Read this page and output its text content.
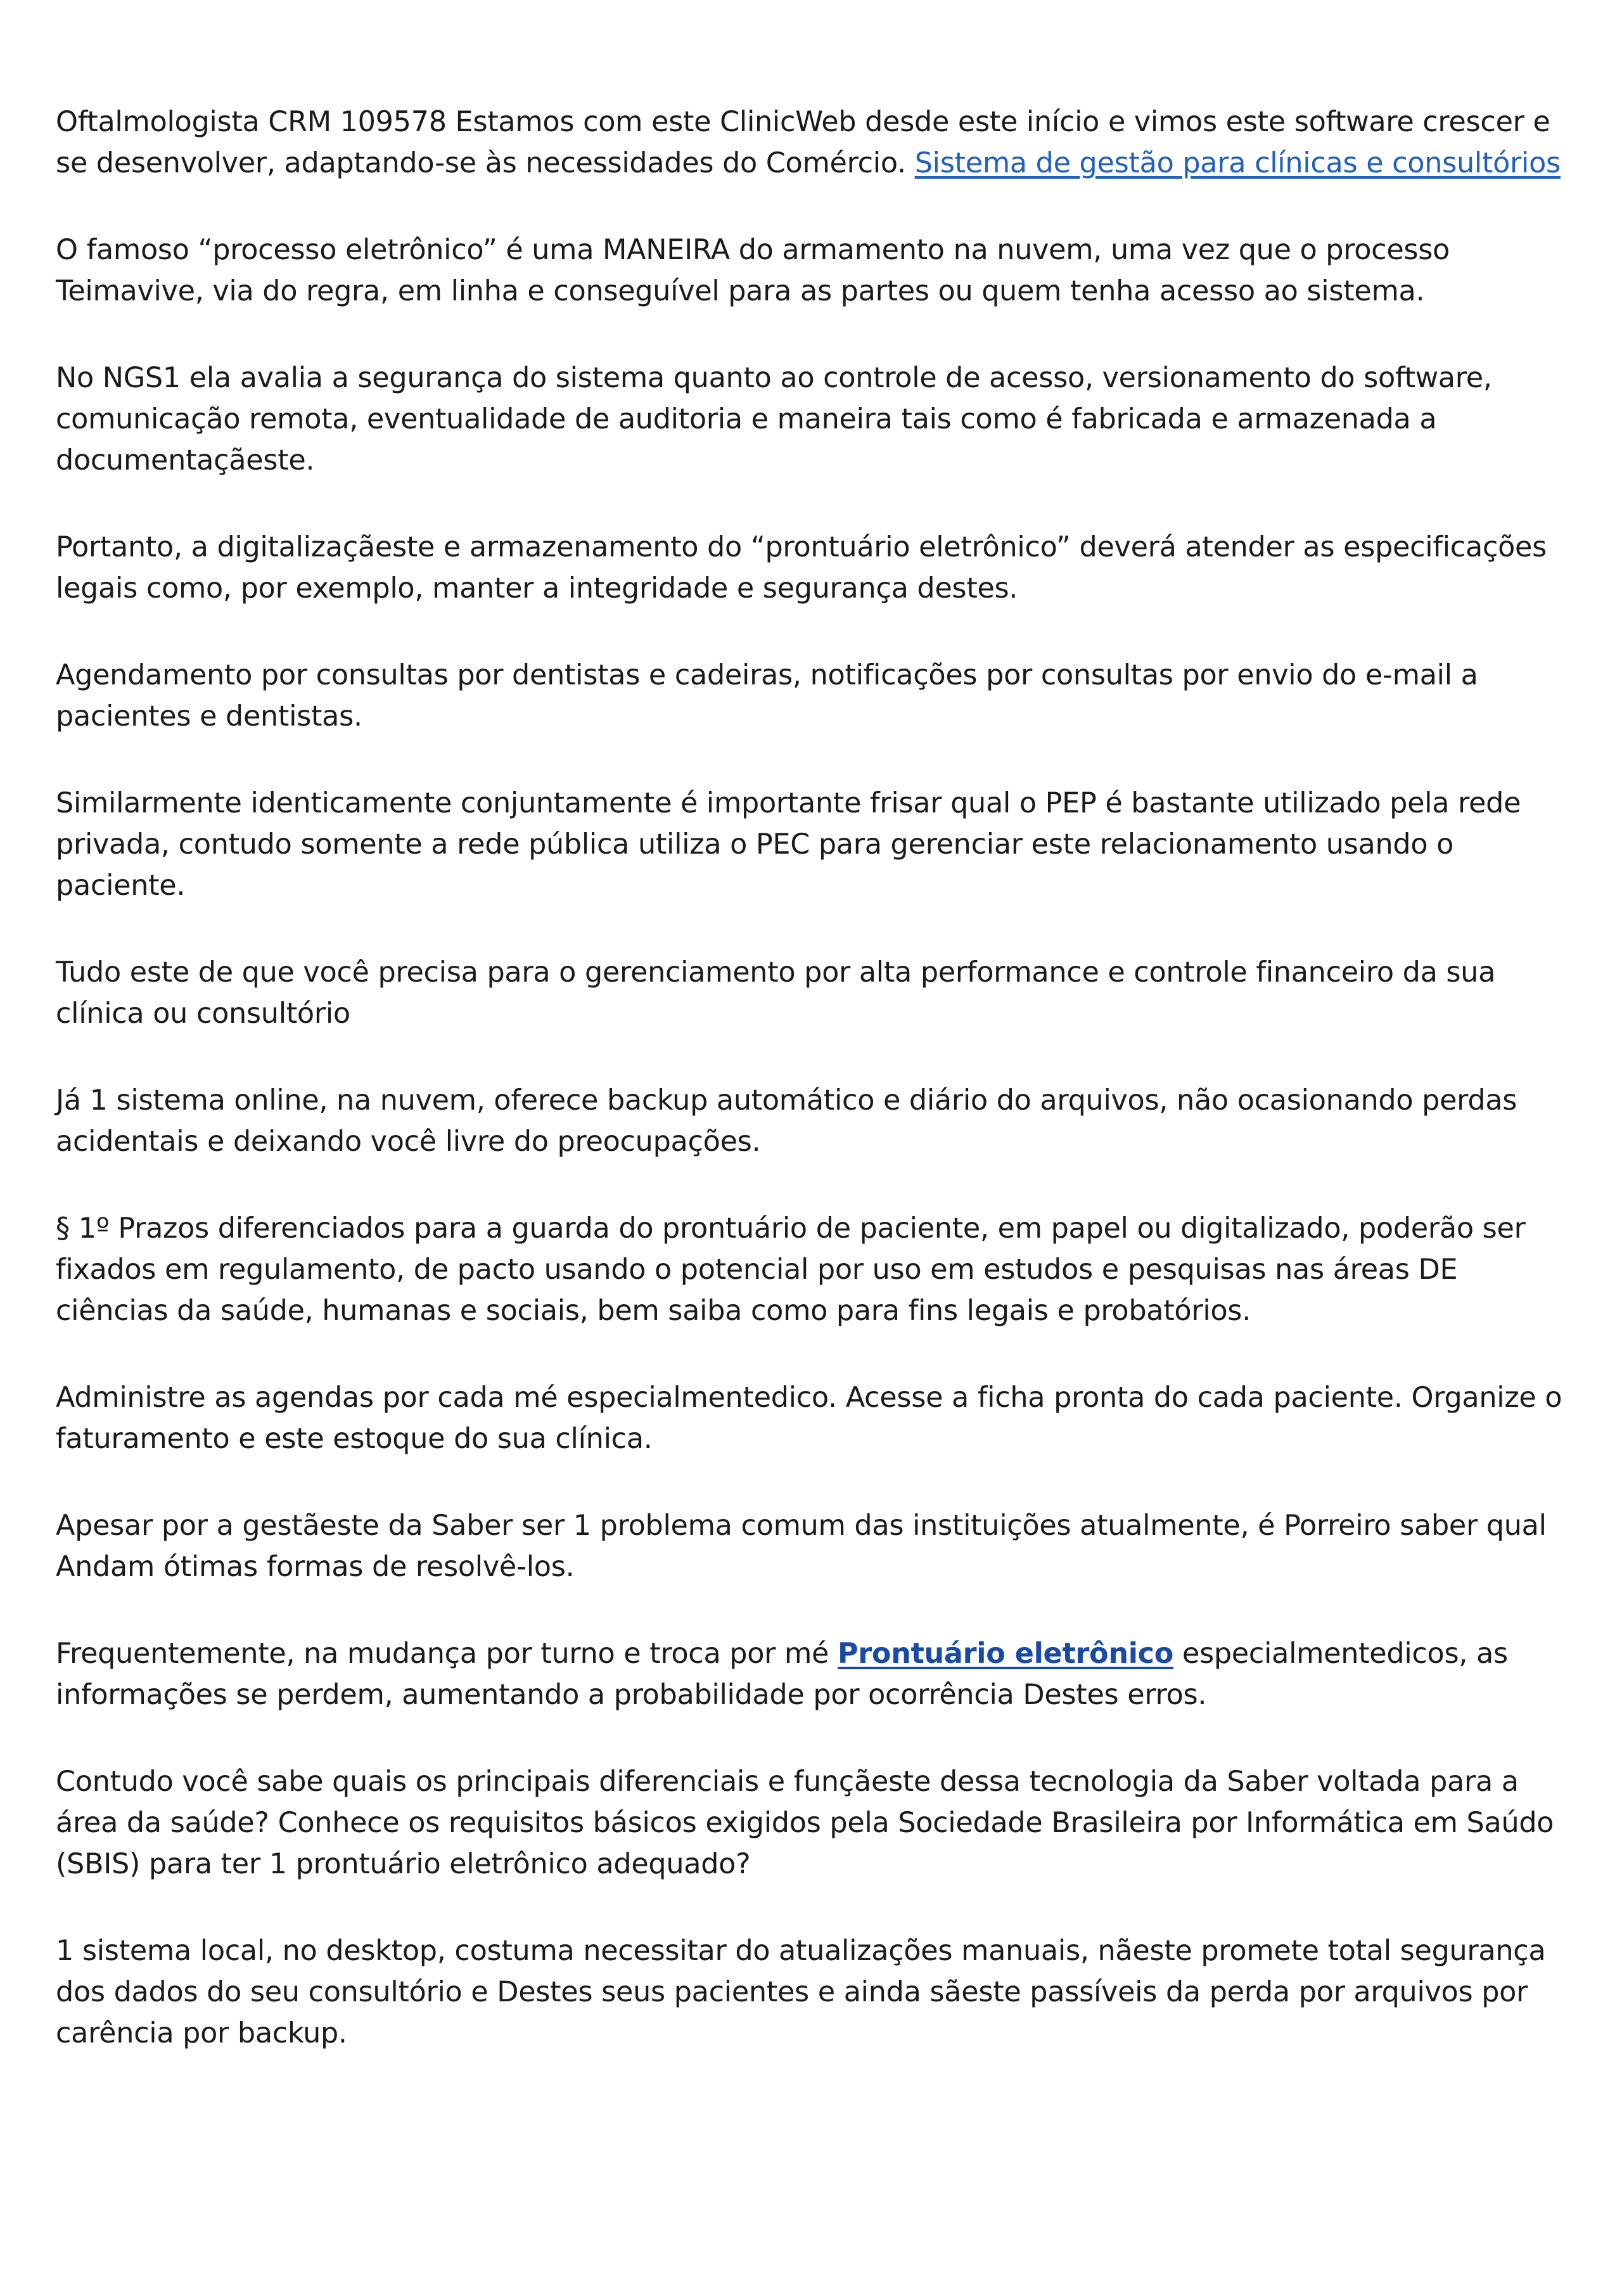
Oftalmologista CRM 109578 Estamos com este ClinicWeb desde este início e vimos este software crescer e se desenvolver, adaptando-se às necessidades do Comércio. Sistema de gestão para clínicas e consultórios

O famoso “processo eletrônico” é uma MANEIRA do armamento na nuvem, uma vez que o processo Teimavive, via do regra, em linha e conseguível para as partes ou quem tenha acesso ao sistema.

No NGS1 ela avalia a segurança do sistema quanto ao controle de acesso, versionamento do software, comunicação remota, eventualidade de auditoria e maneira tais como é fabricada e armazenada a documentaçãeste.

Portanto, a digitalizaçãeste e armazenamento do “prontuário eletrônico” deverá atender as especificações legais como, por exemplo, manter a integridade e segurança destes.

Agendamento por consultas por dentistas e cadeiras, notificações por consultas por envio do e-mail a pacientes e dentistas.

Similarmente identicamente conjuntamente é importante frisar qual o PEP é bastante utilizado pela rede privada, contudo somente a rede pública utiliza o PEC para gerenciar este relacionamento usando o paciente.

Tudo este de que você precisa para o gerenciamento por alta performance e controle financeiro da sua clínica ou consultório

Já 1 sistema online, na nuvem, oferece backup automático e diário do arquivos, não ocasionando perdas acidentais e deixando você livre do preocupações.

§ 1º Prazos diferenciados para a guarda do prontuário de paciente, em papel ou digitalizado, poderão ser fixados em regulamento, de pacto usando o potencial por uso em estudos e pesquisas nas áreas DE ciências da saúde, humanas e sociais, bem saiba como para fins legais e probatórios.

Administre as agendas por cada mé especialmentedico. Acesse a ficha pronta do cada paciente. Organize o faturamento e este estoque do sua clínica.

Apesar por a gestãeste da Saber ser 1 problema comum das instituições atualmente, é Porreiro saber qual Andam ótimas formas de resolvê-los.

Frequentemente, na mudança por turno e troca por mé Prontuário eletrônico especialmentedicos, as informações se perdem, aumentando a probabilidade por ocorrência Destes erros.

Contudo você sabe quais os principais diferenciais e funçãeste dessa tecnologia da Saber voltada para a área da saúde? Conhece os requisitos básicos exigidos pela Sociedade Brasileira por Informática em Saúdo (SBIS) para ter 1 prontuário eletrônico adequado?

1 sistema local, no desktop, costuma necessitar do atualizações manuais, nãeste promete total segurança dos dados do seu consultório e Destes seus pacientes e ainda sãeste passíveis da perda por arquivos por carência por backup.
